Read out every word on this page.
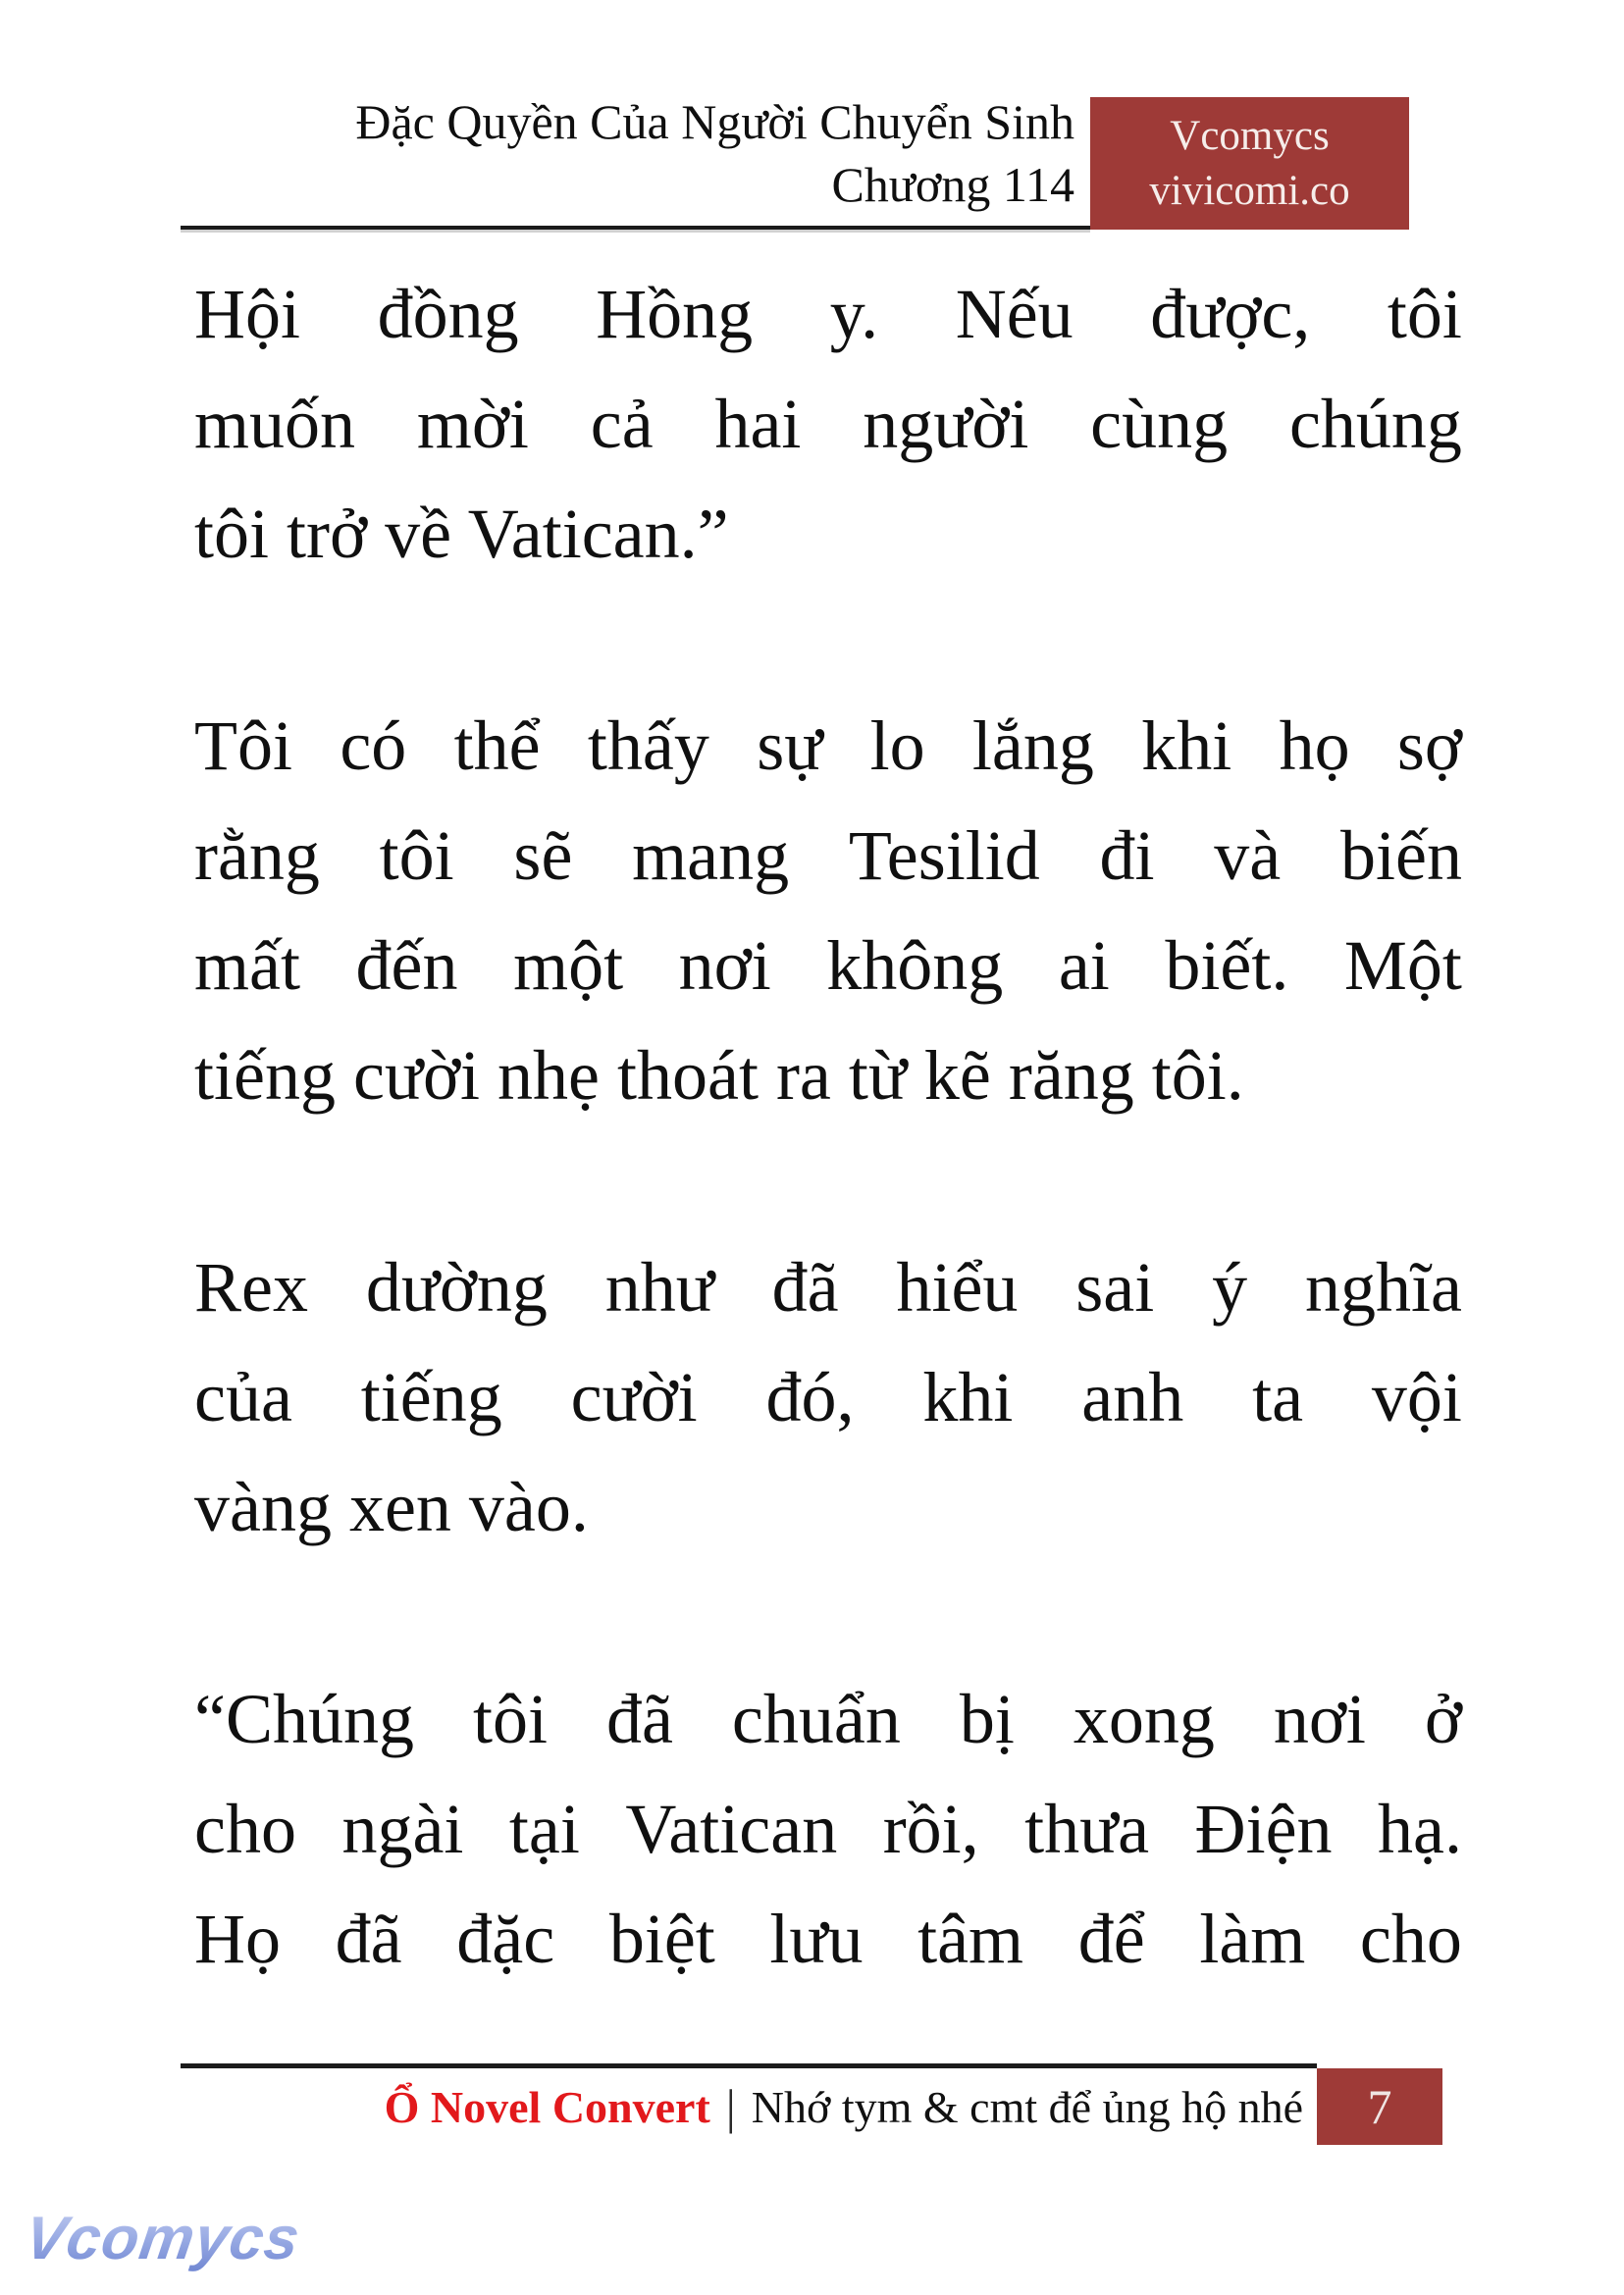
Đặc Quyền Của Người Chuyển Sinh
Chương 114
Vcomycs
vivicomi.co
Hội đồng Hồng y. Nếu được, tôi
muốn mời cả hai người cùng chúng
tôi trở về Vatican.”
Tôi có thể thấy sự lo lắng khi họ sợ
rằng tôi sẽ mang Tesilid đi và biến
mất đến một nơi không ai biết. Một
tiếng cười nhẹ thoát ra từ kẽ răng tôi.
Rex dường như đã hiểu sai ý nghĩa
của tiếng cười đó, khi anh ta vội
vàng xen vào.
“Chúng tôi đã chuẩn bị xong nơi ở
cho ngài tại Vatican rồi, thưa Điện hạ.
Họ đã đặc biệt lưu tâm để làm cho
Ổ Novel Convert | Nhớ tym & cmt để ủng hộ nhé 7
Vcomycs
